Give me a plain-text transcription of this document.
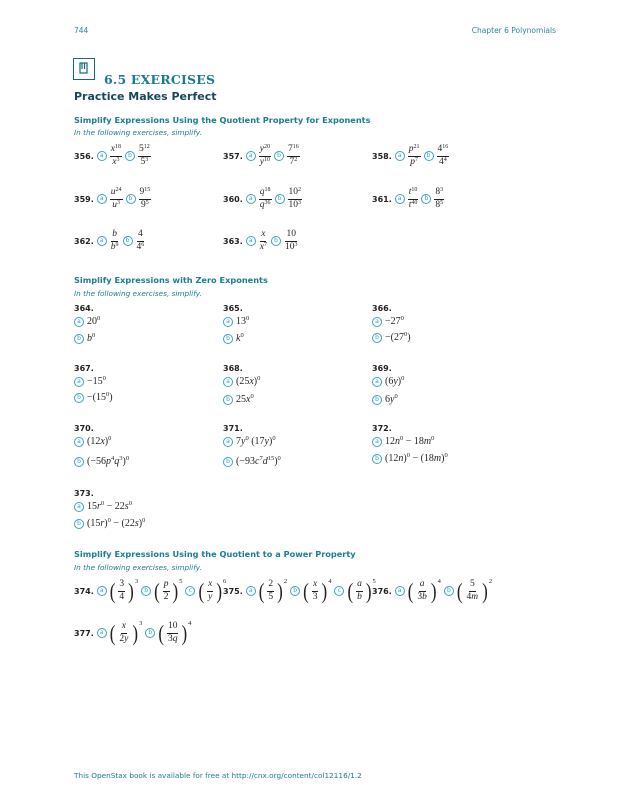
744	Chapter 6 Polynomials
6.5 EXERCISES
Practice Makes Perfect
Simplify Expressions Using the Quotient Property for Exponents
In the following exercises, simplify.
356.	a $\frac{x^{18}}{x^3}$	b $\frac{5^{12}}{5^3}$	357.	a $\frac{y^{20}}{y^{10}}$	b $\frac{7^{16}}{7^2}$	358.	a $\frac{p^{21}}{p^7}$	b $\frac{4^{16}}{4^4}$
359.	a $\frac{u^{24}}{u^3}$	b $\frac{9^{15}}{9^5}$	360.	a $\frac{q^{18}}{q^{36}}$	b $\frac{10^2}{10^3}$	361.	a $\frac{t^{10}}{t^{40}}$	b $\frac{8^3}{8^5}$
362.	a $\frac{b}{b^9}$	b $\frac{4}{4^6}$	363.	a $\frac{x}{x^7}$	b $\frac{10}{10^3}$
Simplify Expressions with Zero Exponents
In the following exercises, simplify.
364.
a $20^0$
b $b^0$
365.
a $13^0$
b $k^0$
366.
$a -27^0$
$b -(27^0)$
367.
$a -15^0$
$b -(15^0)$
368.
a $(25x)^0$
b $25x^0$
369.
a $(6y)^0$
b $6y^0$
370.
a $(12x)^0$
b $(-56p^4q^3)^0$
371.
a $7y^0$ $(17y)^0$
b $(-93c^7d^{15})^0$
372.
a $12n^0 - 18m^0$
b $(12n)^0 - (18m)^0$
373.
a $15r^0 - 22s^0$
b $(15r)^0 - (22s)^0$
Simplify Expressions Using the Quotient to a Power Property
In the following exercises, simplify.
374.	a ( $\frac{3}{4}$ ) 3
b ( $\frac{p}{2}$ ) 5
c ( $\frac{x}{y}$ ) 6
375.	a ( $\frac{2}{5}$ ) 2
b ( $\frac{x}{3}$ ) 4
c ( $\frac{a}{b}$ ) 5
376.	a ( $\frac{a}{3b}$ ) 4
b ( $\frac{5}{4m}$ ) 2
377.	a ( $\frac{x}{2y}$ ) 3
b ( $\frac{10}{3q}$ ) 4
This OpenStax book is available for free at http://cnx.org/content/col12116/1.2
